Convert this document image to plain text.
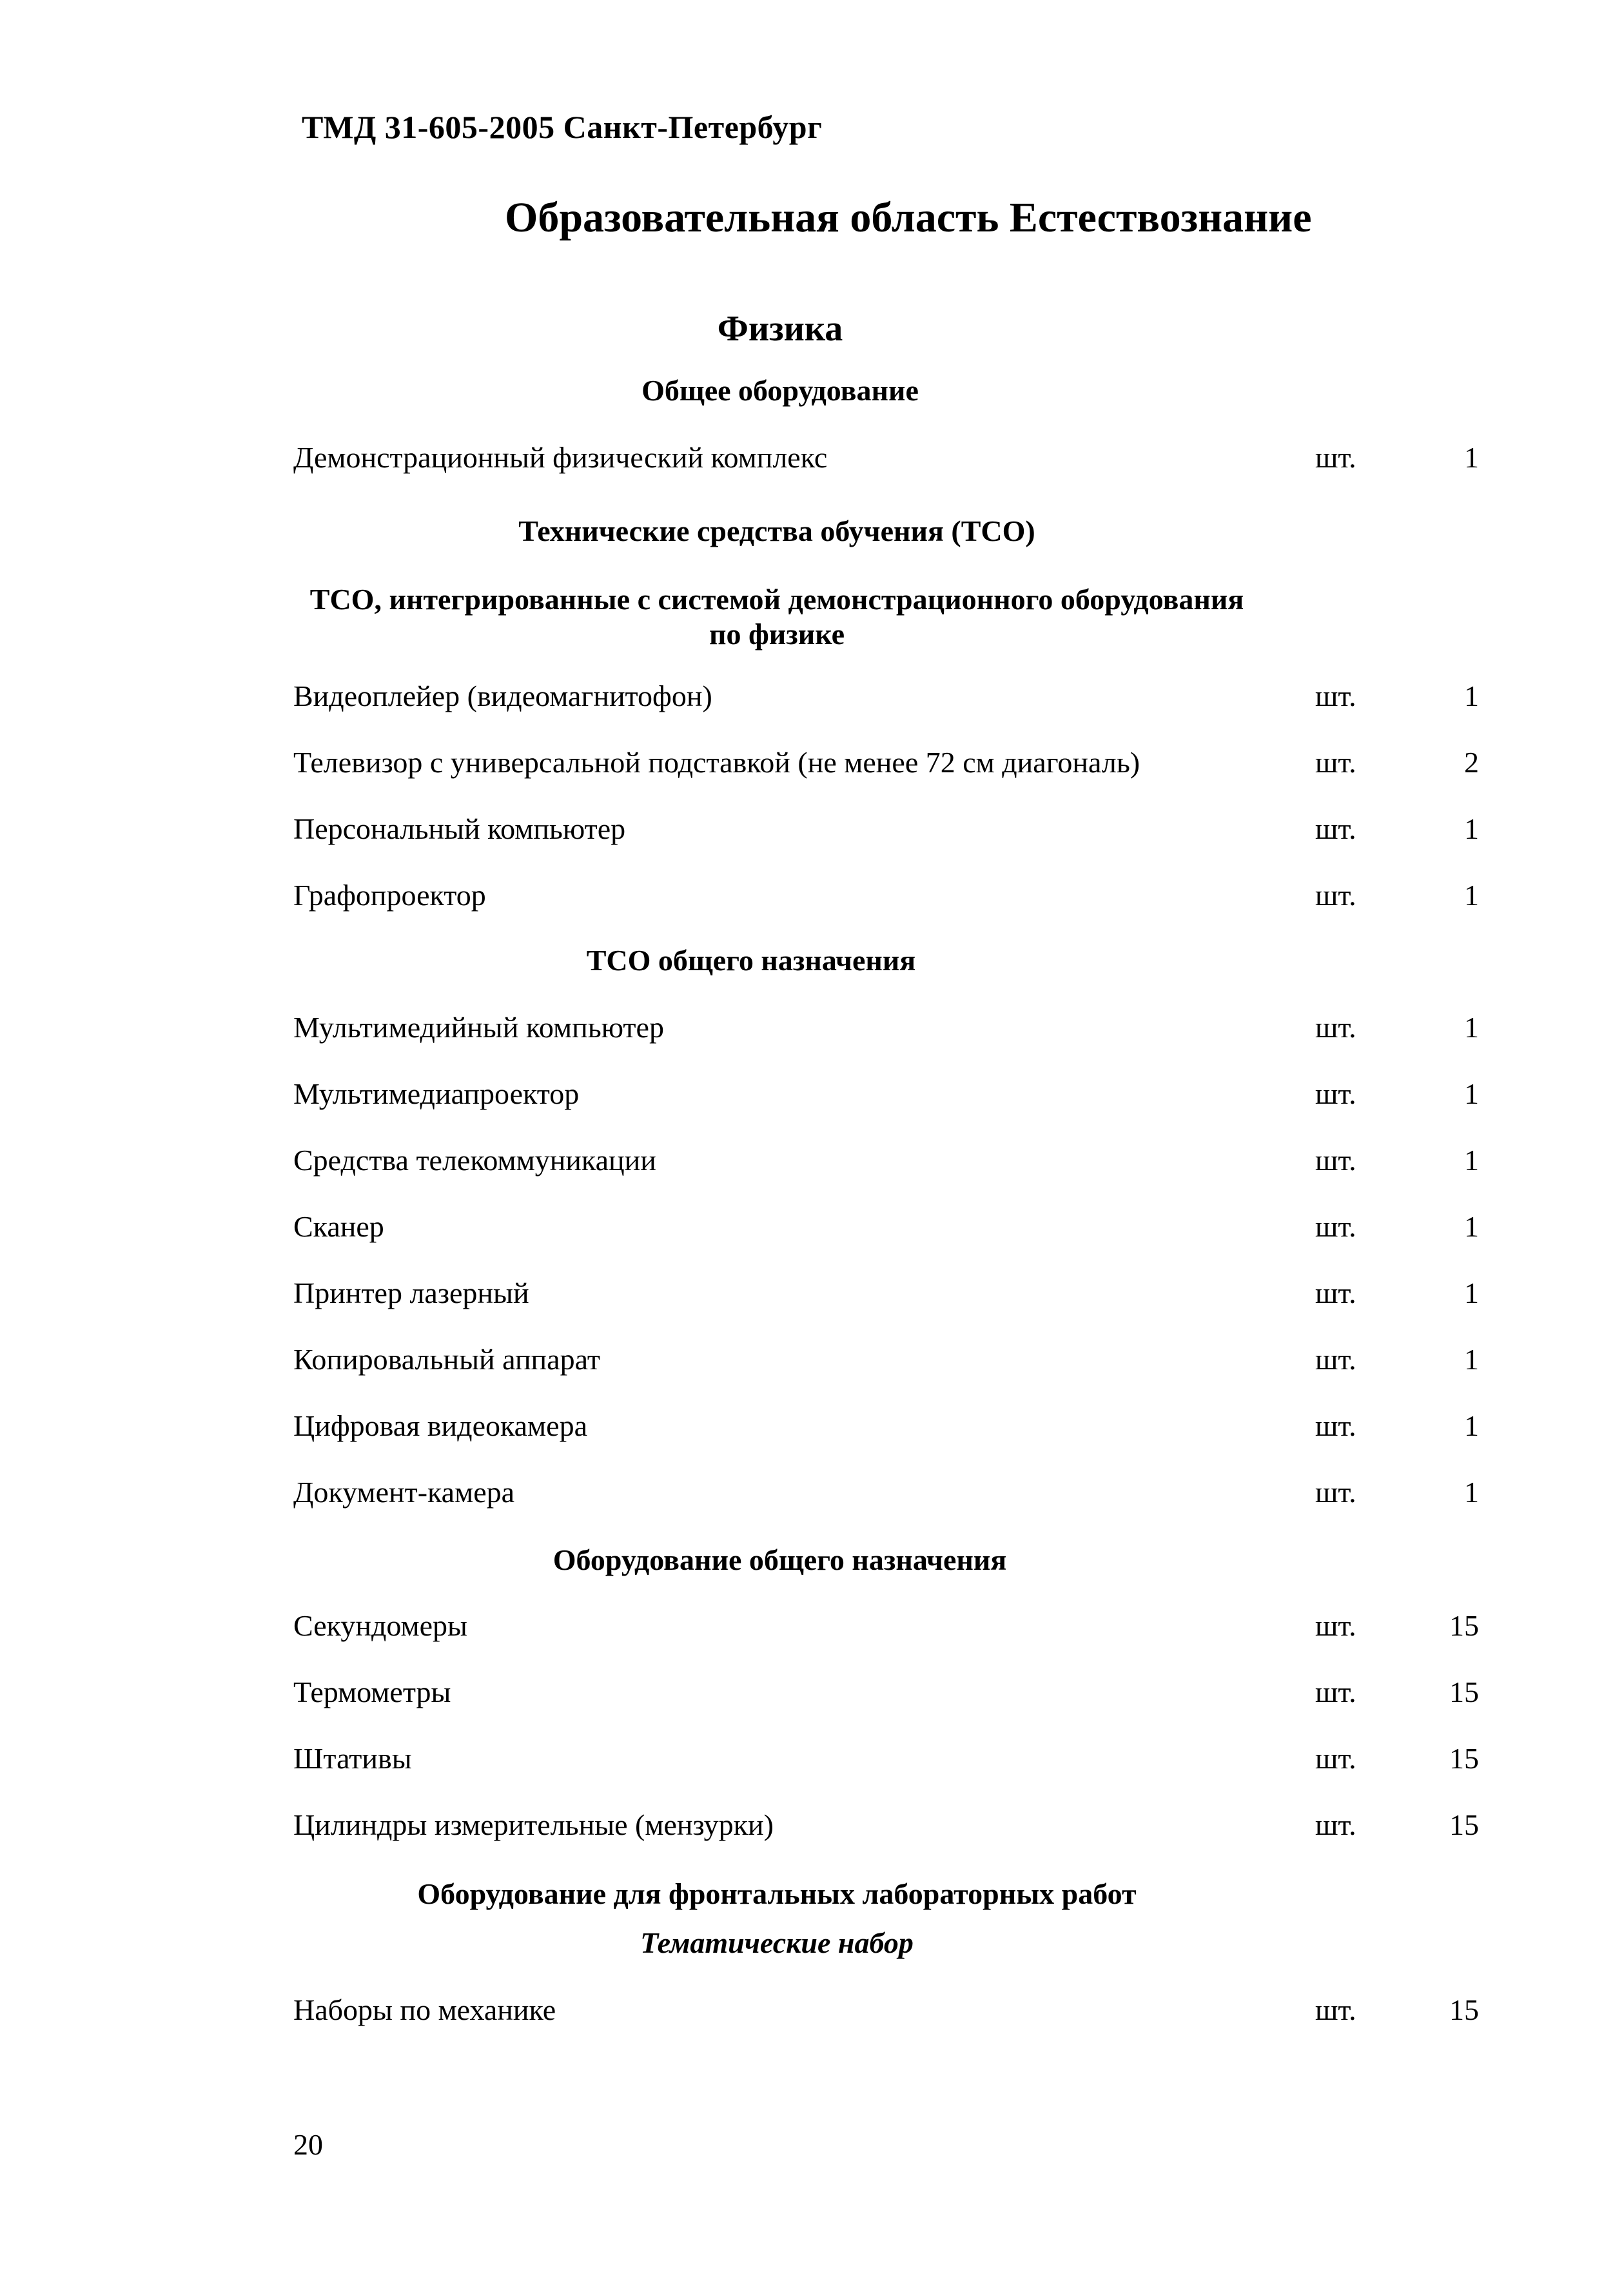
ТМД 31-605-2005 Санкт-Петербург

Образовательная область Естествознание
Физика
Общее оборудование
Демонстрационный физический комплекс	шт.	1
Технические средства обучения (ТСО)
ТСО, интегрированные с системой демонстрационного оборудования
по физике
Видеоплейер (видеомагнитофон)	шт.	1
Телевизор с универсальной подставкой (не менее 72 см диагональ)	шт.	2
Персональный компьютер	шт.	1
Графопроектор	шт.	1
ТСО общего назначения
Мультимедийный компьютер	шт.	1
Мультимедиапроектор	шт.	1
Средства телекоммуникации	шт.	1
Сканер	шт.	1
Принтер лазерный	шт.	1
Копировальный аппарат	шт.	1
Цифровая видеокамера	шт.	1
Документ-камера	шт.	1
Оборудование общего назначения
Секундомеры	шт.	15
Термометры	шт.	15
Штативы	шт.	15
Цилиндры измерительные (мензурки)	шт.	15
Оборудование для фронтальных лабораторных работ
Тематические набор
Наборы по механике	шт.	15

20
